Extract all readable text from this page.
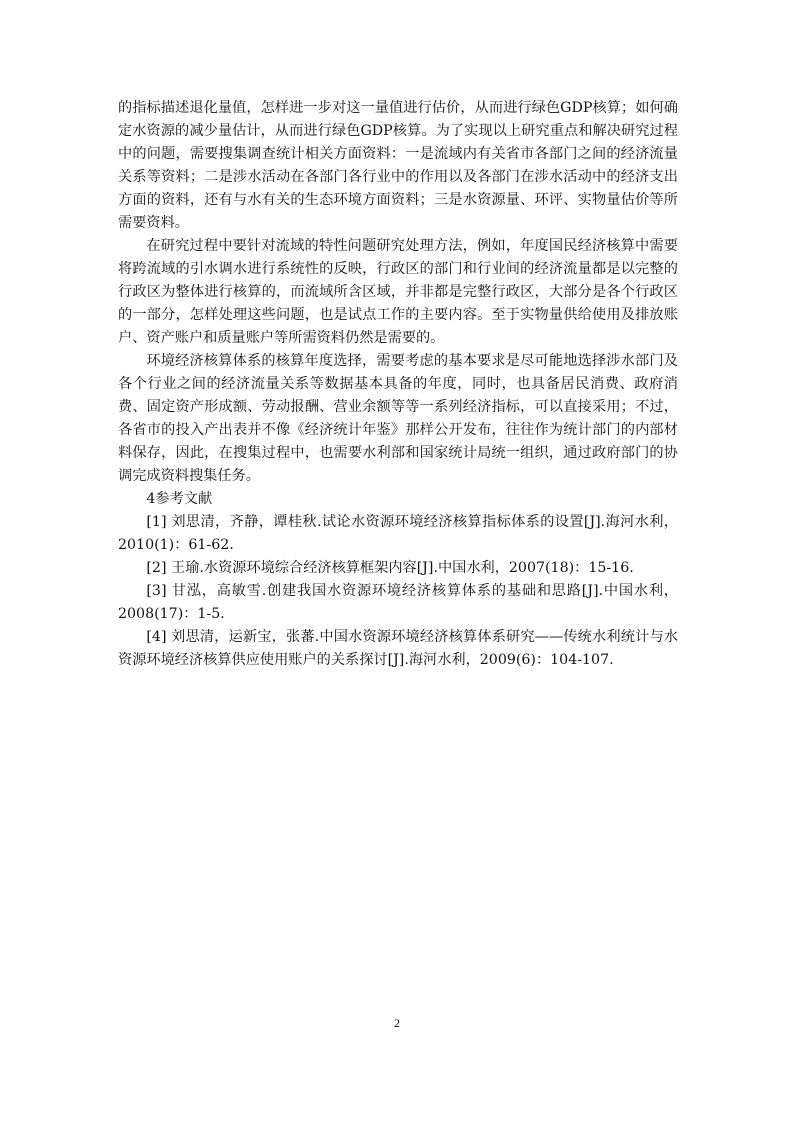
的指标描述退化量值，怎样进一步对这一量值进行估价，从而进行绿色GDP核算；如何确定水资源的减少量估计，从而进行绿色GDP核算。为了实现以上研究重点和解决研究过程中的问题，需要搜集调查统计相关方面资料：一是流域内有关省市各部门之间的经济流量关系等资料；二是涉水活动在各部门各行业中的作用以及各部门在涉水活动中的经济支出方面的资料，还有与水有关的生态环境方面资料；三是水资源量、环评、实物量估价等所需要资料。

在研究过程中要针对流域的特性问题研究处理方法，例如，年度国民经济核算中需要将跨流域的引水调水进行系统性的反映，行政区的部门和行业间的经济流量都是以完整的行政区为整体进行核算的，而流域所含区域，并非都是完整行政区，大部分是各个行政区的一部分，怎样处理这些问题，也是试点工作的主要内容。至于实物量供给使用及排放账户、资产账户和质量账户等所需资料仍然是需要的。

环境经济核算体系的核算年度选择，需要考虑的基本要求是尽可能地选择涉水部门及各个行业之间的经济流量关系等数据基本具备的年度，同时，也具备居民消费、政府消费、固定资产形成额、劳动报酬、营业余额等等一系列经济指标，可以直接采用；不过，各省市的投入产出表并不像《经济统计年鉴》那样公开发布，往往作为统计部门的内部材料保存，因此，在搜集过程中，也需要水利部和国家统计局统一组织，通过政府部门的协调完成资料搜集任务。

4参考文献

[1] 刘思清，齐静，谭桂秋.试论水资源环境经济核算指标体系的设置[J].海河水利，2010(1)：61-62.

[2] 王瑜.水资源环境综合经济核算框架内容[J].中国水利，2007(18)：15-16.

[3] 甘泓，高敏雪.创建我国水资源环境经济核算体系的基础和思路[J].中国水利，2008(17)：1-5.

[4] 刘思清，运新宝，张蕃.中国水资源环境经济核算体系研究——传统水利统计与水资源环境经济核算供应使用账户的关系探讨[J].海河水利，2009(6)：104-107.

2
